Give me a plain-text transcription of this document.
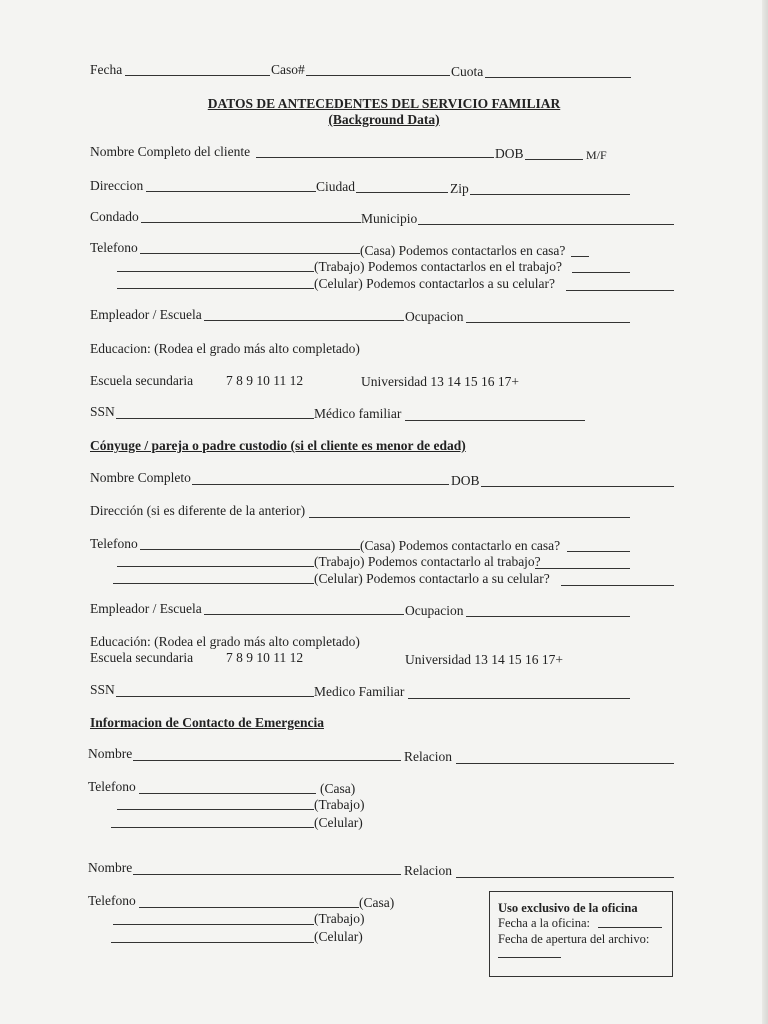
Fecha	Caso#	Cuota
DATOS DE ANTECEDENTES DEL SERVICIO FAMILIAR
(Background Data)
Nombre Completo del cliente	DOB	M/F
Direccion	Ciudad	Zip
Condado	Municipio
Telefono	(Casa) Podemos contactarlos en casa?
(Trabajo) Podemos contactarlos en el trabajo?
(Celular) Podemos contactarlos a su celular?
Empleador / Escuela	Ocupacion
Educacion: (Rodea el grado más alto completado)
Escuela secundaria 7 8 9 10 11 12	Universidad 13 14 15 16 17+
SSN	Médico familiar
Cónyuge / pareja o padre custodio (si el cliente es menor de edad)
Nombre Completo	DOB
Dirección (si es diferente de la anterior)
Telefono	(Casa) Podemos contactarlo en casa?
(Trabajo) Podemos contactarlo al trabajo?
(Celular) Podemos contactarlo a su celular?
Empleador / Escuela	Ocupacion
Educación: (Rodea el grado más alto completado)
Escuela secundaria 7 8 9 10 11 12	Universidad 13 14 15 16 17+
SSN	Medico Familiar
Informacion de Contacto de Emergencia
Nombre	Relacion
Telefono	(Casa)
(Trabajo)
(Celular)
Nombre	Relacion
Telefono	(Casa)
(Trabajo)
(Celular)
Uso exclusivo de la oficina
Fecha a la oficina:
Fecha de apertura del archivo:
